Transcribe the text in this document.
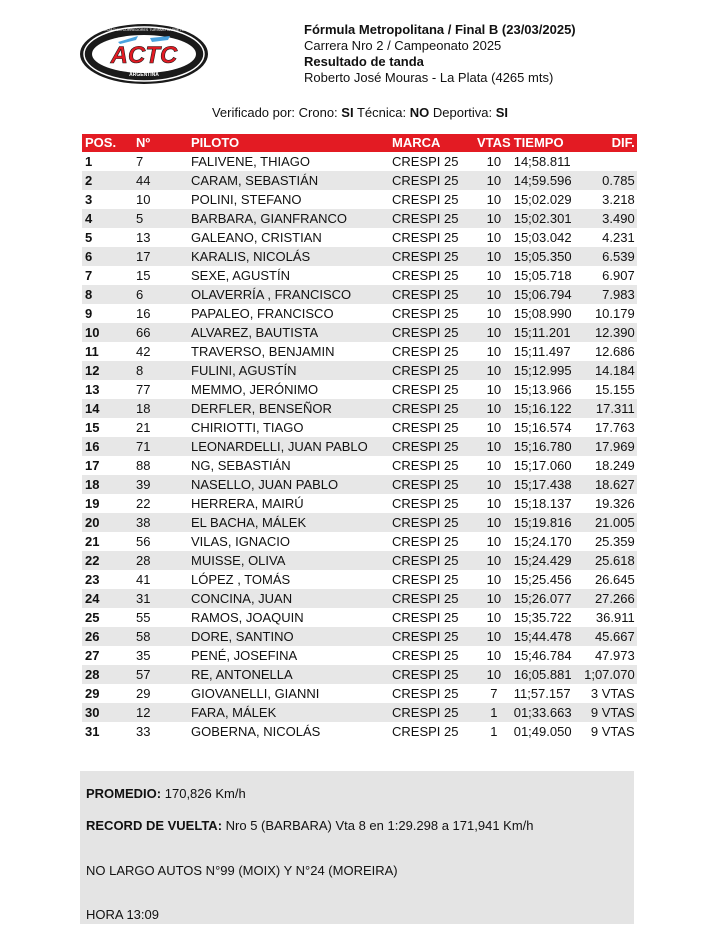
ACTC
ARGENTINA
ASOCIACION CORREDORES TURISMO CARRETERA	Fórmula Metropolitana / Final B (23/03/2025)
Carrera Nro 2 / Campeonato 2025
Resultado de tanda
Roberto José Mouras - La Plata (4265 mts)
Verificado por: Crono: SI Técnica: NO Deportiva: SI
POS.	Nº	PILOTO	MARCA	VTAS	TIEMPO	DIF.
1	7	FALIVENE, THIAGO	CRESPI 25	10	14;58.811	
2	44	CARAM, SEBASTIÁN	CRESPI 25	10	14;59.596	0.785
3	10	POLINI, STEFANO	CRESPI 25	10	15;02.029	3.218
4	5	BARBARA, GIANFRANCO	CRESPI 25	10	15;02.301	3.490
5	13	GALEANO, CRISTIAN	CRESPI 25	10	15;03.042	4.231
6	17	KARALIS, NICOLÁS	CRESPI 25	10	15;05.350	6.539
7	15	SEXE, AGUSTÍN	CRESPI 25	10	15;05.718	6.907
8	6	OLAVERRÍA , FRANCISCO	CRESPI 25	10	15;06.794	7.983
9	16	PAPALEO, FRANCISCO	CRESPI 25	10	15;08.990	10.179
10	66	ALVAREZ, BAUTISTA	CRESPI 25	10	15;11.201	12.390
11	42	TRAVERSO, BENJAMIN	CRESPI 25	10	15;11.497	12.686
12	8	FULINI, AGUSTÍN	CRESPI 25	10	15;12.995	14.184
13	77	MEMMO, JERÓNIMO	CRESPI 25	10	15;13.966	15.155
14	18	DERFLER, BENSEÑOR	CRESPI 25	10	15;16.122	17.311
15	21	CHIRIOTTI, TIAGO	CRESPI 25	10	15;16.574	17.763
16	71	LEONARDELLI, JUAN PABLO	CRESPI 25	10	15;16.780	17.969
17	88	NG, SEBASTIÁN	CRESPI 25	10	15;17.060	18.249
18	39	NASELLO, JUAN PABLO	CRESPI 25	10	15;17.438	18.627
19	22	HERRERA, MAIRÚ	CRESPI 25	10	15;18.137	19.326
20	38	EL BACHA, MÁLEK	CRESPI 25	10	15;19.816	21.005
21	56	VILAS, IGNACIO	CRESPI 25	10	15;24.170	25.359
22	28	MUISSE, OLIVA	CRESPI 25	10	15;24.429	25.618
23	41	LÓPEZ , TOMÁS	CRESPI 25	10	15;25.456	26.645
24	31	CONCINA, JUAN	CRESPI 25	10	15;26.077	27.266
25	55	RAMOS, JOAQUIN	CRESPI 25	10	15;35.722	36.911
26	58	DORE, SANTINO	CRESPI 25	10	15;44.478	45.667
27	35	PENÉ, JOSEFINA	CRESPI 25	10	15;46.784	47.973
28	57	RE, ANTONELLA	CRESPI 25	10	16;05.881	1;07.070
29	29	GIOVANELLI, GIANNI	CRESPI 25	7	11;57.157	3 VTAS
30	12	FARA, MÁLEK	CRESPI 25	1	01;33.663	9 VTAS
31	33	GOBERNA, NICOLÁS	CRESPI 25	1	01;49.050	9 VTAS
PROMEDIO: 170,826 Km/h
RECORD DE VUELTA: Nro 5 (BARBARA) Vta 8 en 1:29.298 a 171,941 Km/h
NO LARGO AUTOS N°99 (MOIX) Y N°24 (MOREIRA)
HORA 13:09
